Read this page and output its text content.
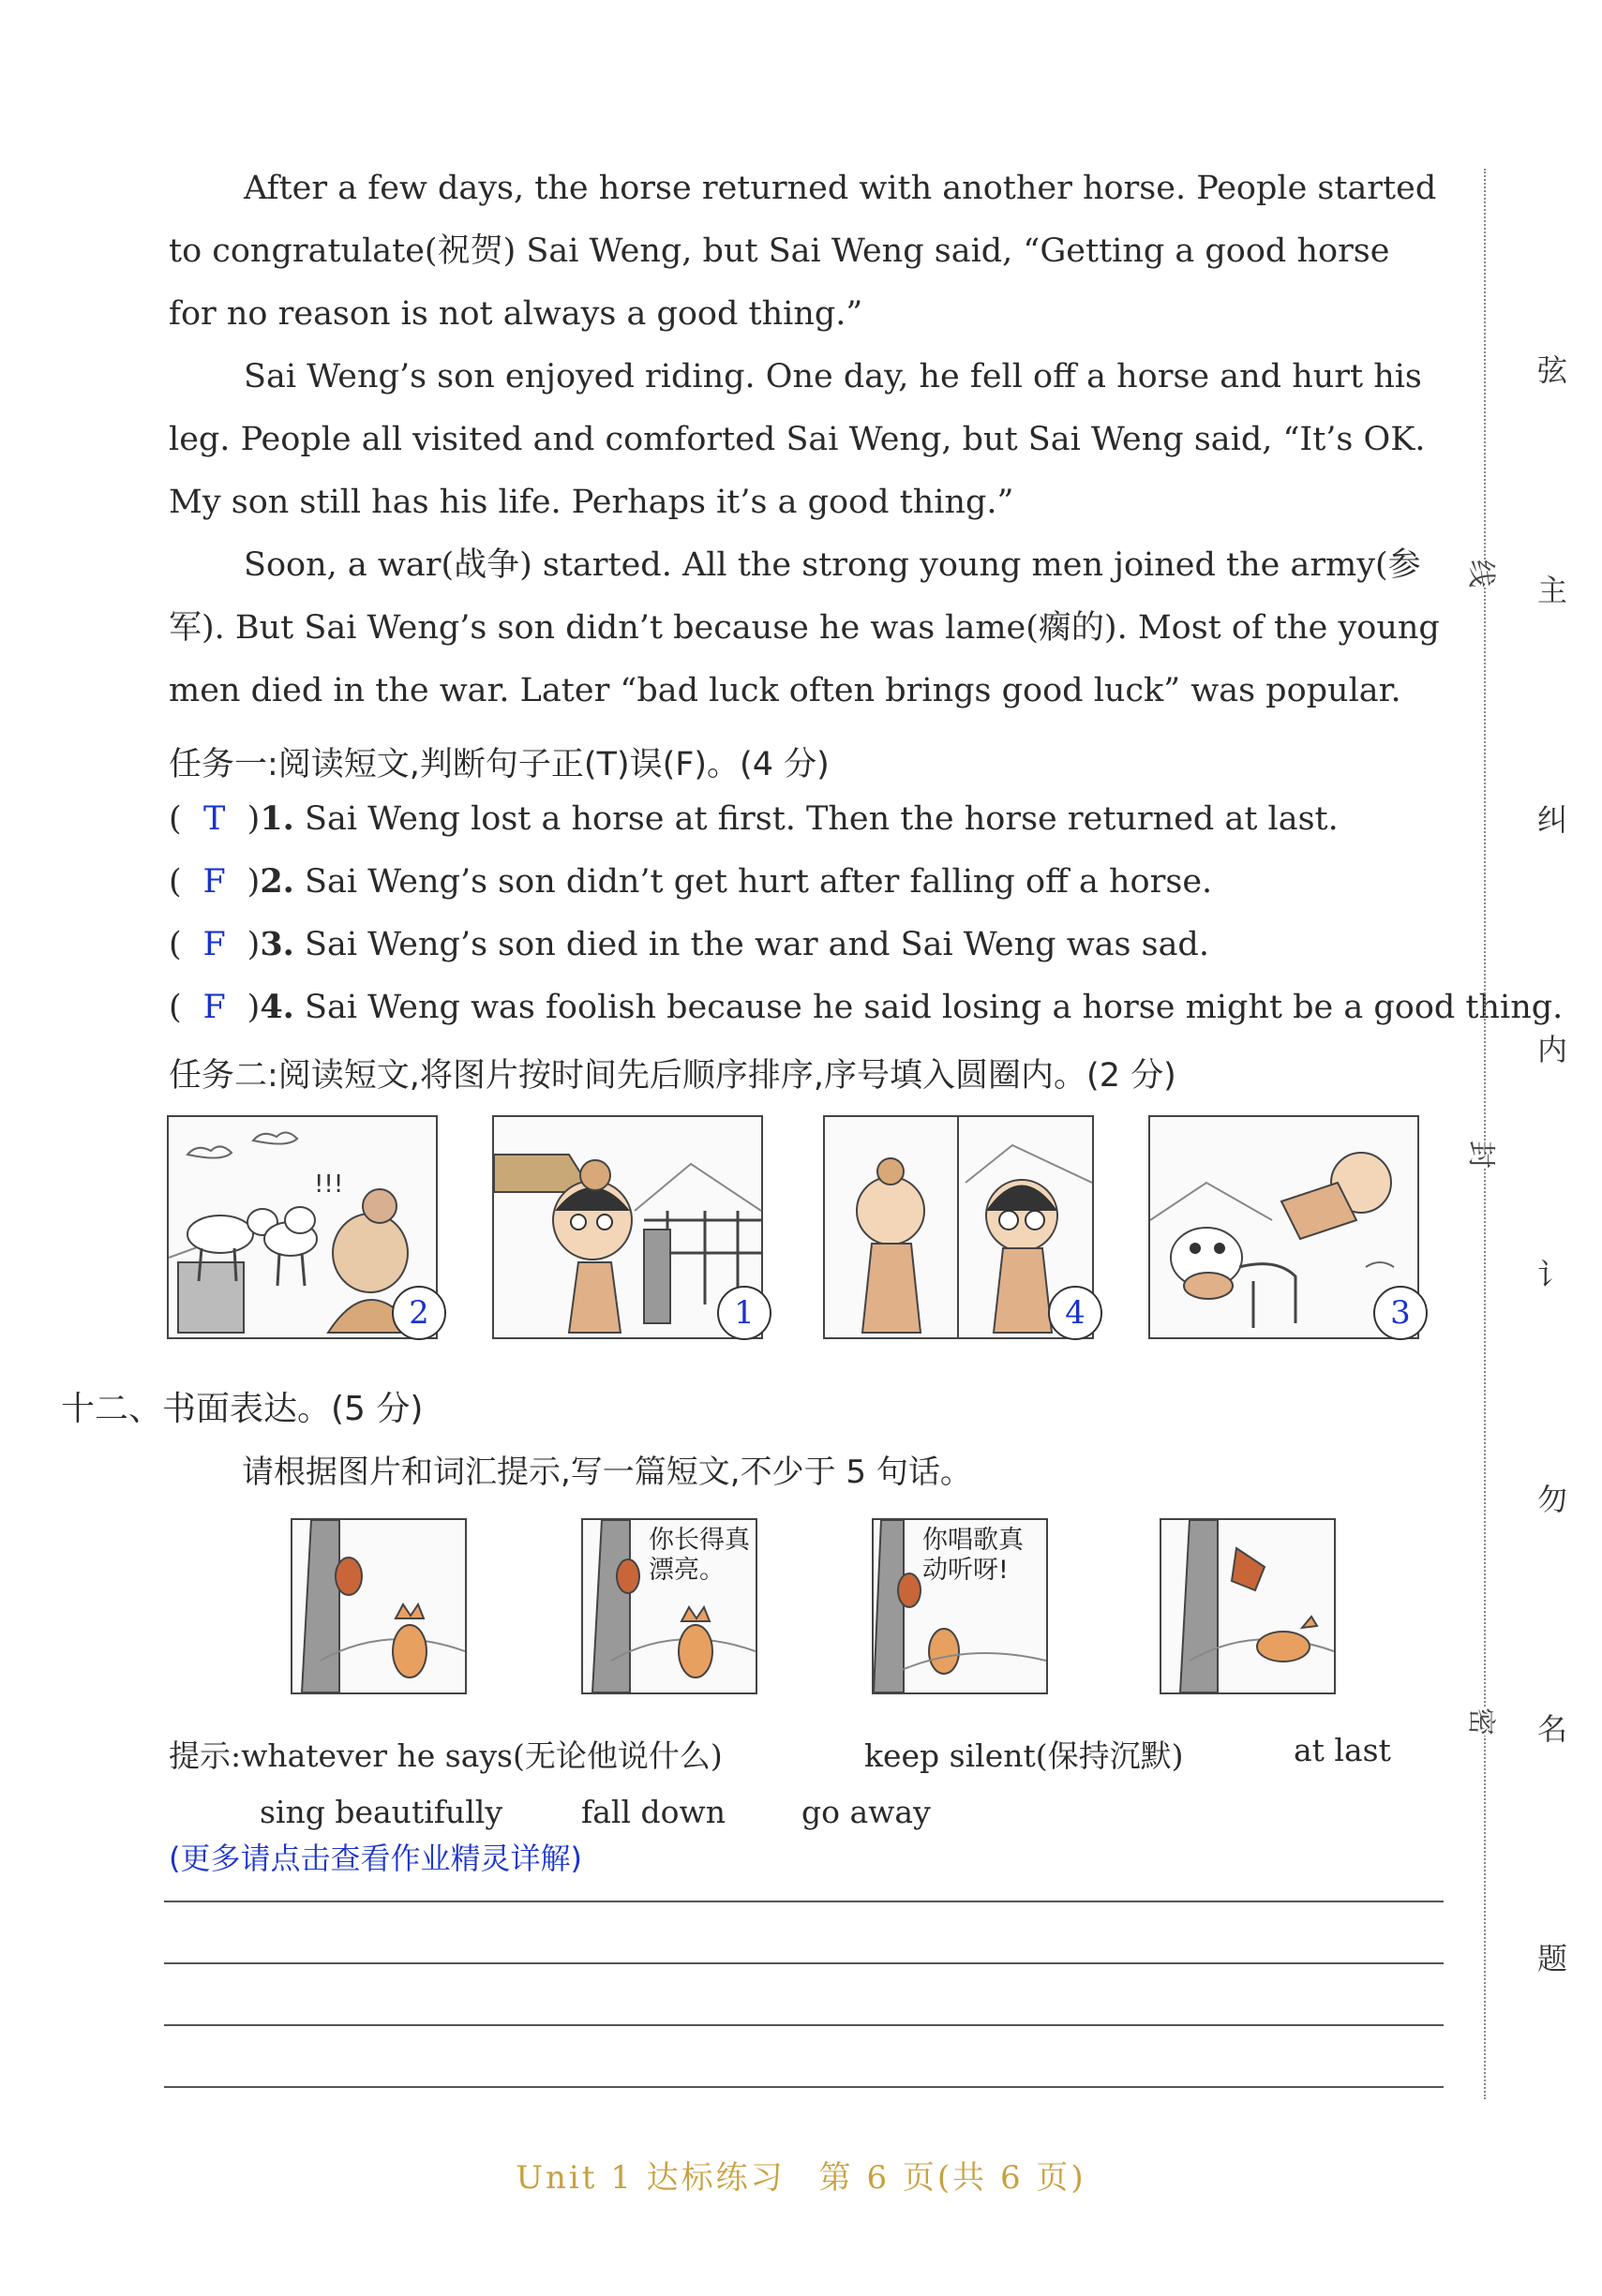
After a few days, the horse returned with another horse. People started to congratulate(祝贺) Sai Weng, but Sai Weng said, “Getting a good horse for no reason is not always a good thing.”

Sai Weng’s son enjoyed riding. One day, he fell off a horse and hurt his leg. People all visited and comforted Sai Weng, but Sai Weng said, “It’s OK. My son still has his life. Perhaps it’s a good thing.”

Soon, a war(战争) started. All the strong young men joined the army(参军). But Sai Weng’s son didn’t because he was lame(瘸的). Most of the young men died in the war. Later “bad luck often brings good luck” was popular.

任务一:阅读短文,判断句子正(T)误(F)。(4 分)
( T )1. Sai Weng lost a horse at first. Then the horse returned at last.
( F )2. Sai Weng’s son didn’t get hurt after falling off a horse.
( F )3. Sai Weng’s son died in the war and Sai Weng was sad.
( F )4. Sai Weng was foolish because he said losing a horse might be a good thing.
任务二:阅读短文,将图片按时间先后顺序排序,序号填入圆圈内。(2 分)
!!!
2	1	4	3
十二、书面表达。(5 分)
请根据图片和词汇提示,写一篇短文,不少于 5 句话。
你长得真漂亮。
你唱歌真动听呀!
提示:whatever he says(无论他说什么)	keep silent(保持沉默)	at last
sing beautifully	fall down go away
(更多请点击查看作业精灵详解)
Unit 1 达标练习 第 6 页(共 6 页)
线
封
密
弦
主
纠
内
讠
勿
名
题
